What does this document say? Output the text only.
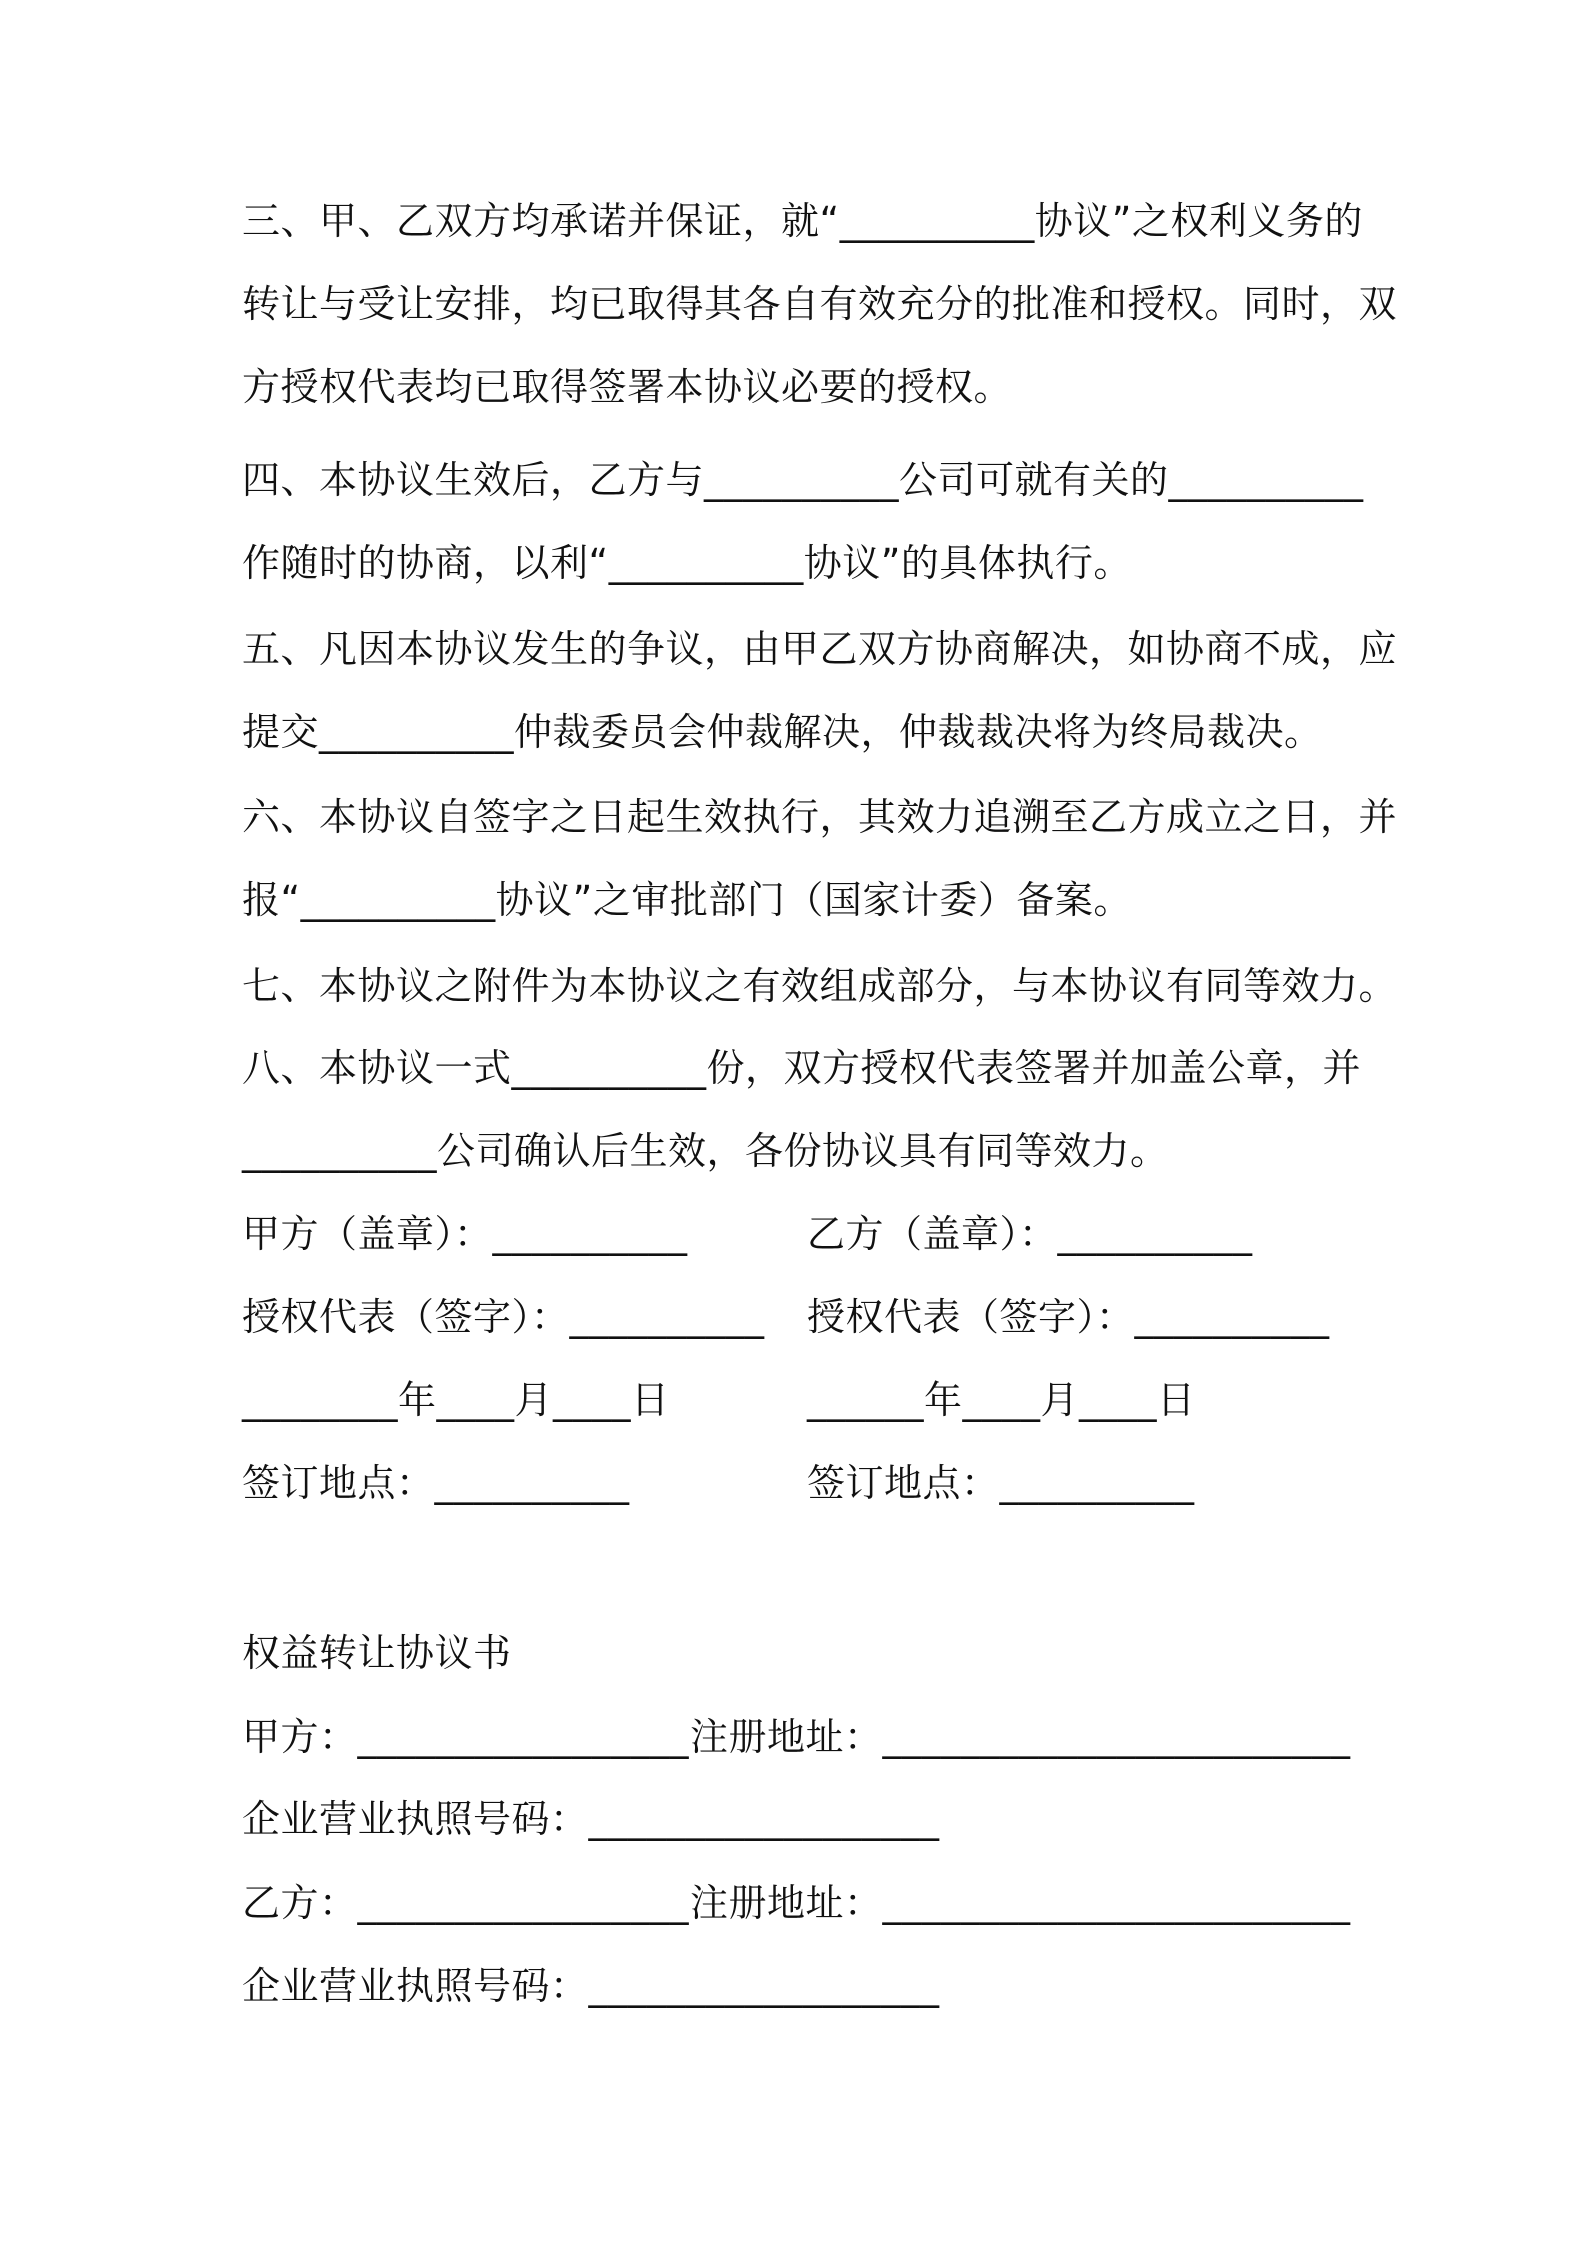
三、甲、乙双方均承诺并保证，就“__________协议”之权利义务的
转让与受让安排，均已取得其各自有效充分的批准和授权。同时，双
方授权代表均已取得签署本协议必要的授权。
四、本协议生效后，乙方与__________公司可就有关的__________
作随时的协商，以利“__________协议”的具体执行。
五、凡因本协议发生的争议，由甲乙双方协商解决，如协商不成，应
提交__________仲裁委员会仲裁解决，仲裁裁决将为终局裁决。
六、本协议自签字之日起生效执行，其效力追溯至乙方成立之日，并
报“__________协议”之审批部门（国家计委）备案。
七、本协议之附件为本协议之有效组成部分，与本协议有同等效力。
八、本协议一式__________份，双方授权代表签署并加盖公章，并
__________公司确认后生效，各份协议具有同等效力。
甲方（盖章）：__________	乙方（盖章）：__________
授权代表（签字）：__________ 授权代表（签字）：__________
________年____月____日	______年____月____日
签订地点：__________	签订地点：__________
权益转让协议书
甲方：_________________ 注册地址：________________________
企业营业执照号码：__________________
乙方：_________________ 注册地址：________________________
企业营业执照号码：__________________
